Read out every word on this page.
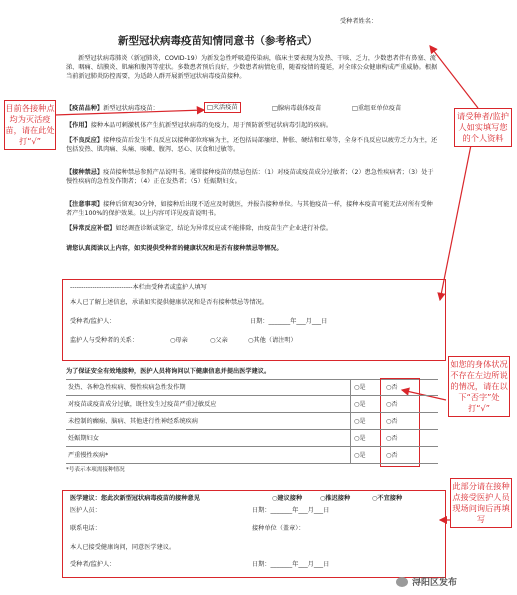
受种者姓名：
新型冠状病毒疫苗知情同意书（参考格式）
新型冠状病毒肺炎（新冠肺炎，COVID-19）为新发急性呼吸道传染病，临床主要表现为发热、干咳、乏力，少数患者伴有鼻塞、流涕、咽痛、结膜炎、肌痛和腹泻等症状。多数患者预后良好，少数患者病情危重，随着疫情的蔓延，对全球公众健康构成严重威胁。根据当前新冠肺炎防控需要，为适龄人群开展新型冠状病毒疫苗接种。
【疫苗品种】新型冠状病毒疫苗：	□灭活疫苗	□腺病毒载体疫苗	□重组亚单位疫苗
【作用】接种本品可刺激机体产生抗新型冠状病毒的免疫力，用于预防新型冠状病毒引起的疾病。
【不良反应】接种疫苗后发生不良反应以接种部位疼痛为主，还包括局部瘙痒、肿胀、硬结和红晕等，全身不良反应以疲劳乏力为主，还包括发热、肌肉痛、头痛、咳嗽、腹泻、恶心、厌食和过敏等。
【接种禁忌】疫苗接种禁忌参照产品说明书。通常接种疫苗的禁忌包括：（1）对疫苗或疫苗成分过敏者；（2）患急性疾病者；（3）处于慢性疾病的急性发作期者；（4）正在发热者；（5）妊娠期妇女。
【注意事项】接种后留观30分钟，如接种后出现不适应及时就医，并报告接种单位。与其他疫苗一样，接种本疫苗可能无法对所有受种者产生100%的保护效果。以上内容可详见疫苗说明书。
【异常反应补偿】如经调查诊断或鉴定，结论为异常反应或不能排除，由疫苗生产企业进行补偿。
请您认真阅读以上内容，如实提供受种者的健康状况和是否有接种禁忌等情况。
----------------------------本栏由受种者或监护人填写
本人已了解上述信息，承诺如实提供健康状况和是否有接种禁忌等情况。
受种者/监护人：	日期：_______年___月___日
监护人与受种者的关系：	○母亲	○父亲	○其他（请注明）
为了保证安全有效地接种，医护人员将询问以下健康信息并提出医学建议。
发热、各种急性疾病、慢性疾病急性发作期	○是	○否
对疫苗或疫苗成分过敏，既往发生过疫苗严重过敏反应	○是	○否
未控制的癫痫、脑病、其他进行性神经系统疾病	○是	○否
妊娠期妇女	○是	○否
严重慢性疾病*	○是	○否
*号表示本项需接种情况
医学建议：您此次新型冠状病毒疫苗的接种意见	○建议接种	○推迟接种	○不宜接种
医护人员：	日期：_______年___月___日
联系电话：	接种单位（盖章）：
本人已接受健康询问，同意医学建议。
受种者/监护人：	日期：_______年___月___日
目前各接种点均为灭活疫苗，请在此处打“√”
请受种者/监护人如实填写您的个人资料
如您的身体状况不存在左边所说的情况，请在以下“否字”处打“√”
此部分请在接种点接受医护人员现场问询后再填写
浔阳区发布
